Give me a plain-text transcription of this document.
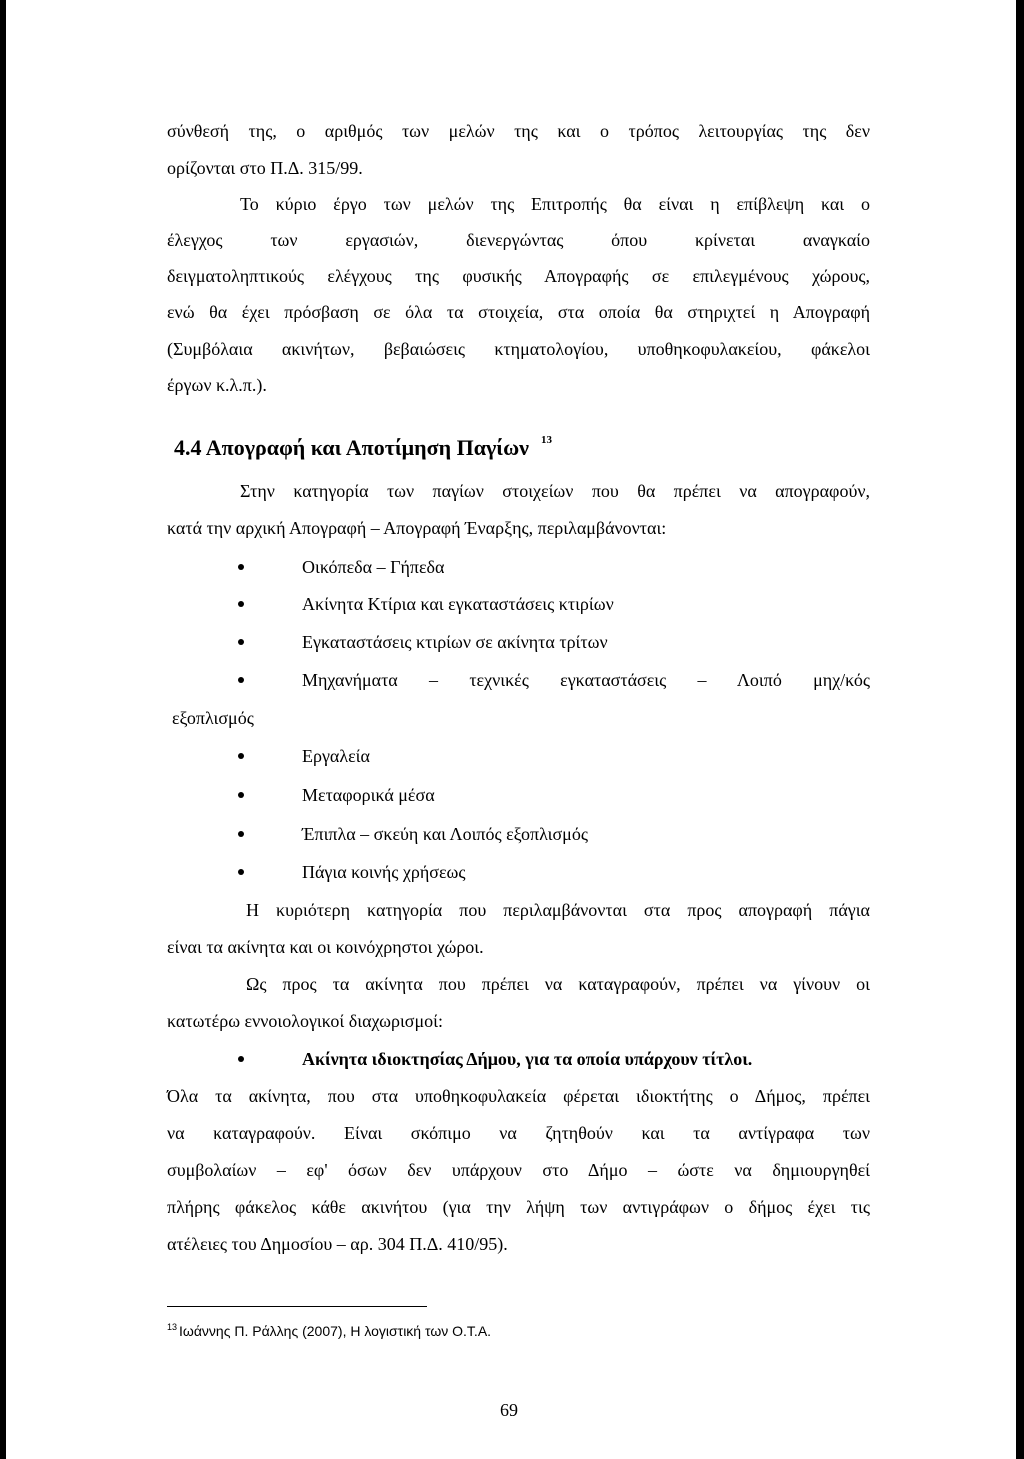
σύνθεσή της, ο αριθμός των μελών της και ο τρόπος λειτουργίας της δεν
ορίζονται στο Π.Δ. 315/99.
Το κύριο έργο των μελών της Επιτροπής θα είναι η επίβλεψη και ο
έλεγχος των εργασιών, διενεργώντας όπου κρίνεται αναγκαίο
δειγματοληπτικούς ελέγχους της φυσικής Απογραφής σε επιλεγμένους χώρους,
ενώ θα έχει πρόσβαση σε όλα τα στοιχεία, στα οποία θα στηριχτεί η Απογραφή
(Συμβόλαια ακινήτων, βεβαιώσεις κτηματολογίου, υποθηκοφυλακείου, φάκελοι
έργων κ.λ.π.).
4.4 Απογραφή και Αποτίμηση Παγίων $^{13}$
Στην κατηγορία των παγίων στοιχείων που θα πρέπει να απογραφούν,
κατά την αρχική Απογραφή – Απογραφή Έναρξης, περιλαμβάνονται:
Οικόπεδα – Γήπεδα
Ακίνητα Κτίρια και εγκαταστάσεις κτιρίων
Εγκαταστάσεις κτιρίων σε ακίνητα τρίτων
Μηχανήματα – τεχνικές εγκαταστάσεις – Λοιπό μηχ/κός
εξοπλισμός
Εργαλεία
Μεταφορικά μέσα
Έπιπλα – σκεύη και Λοιπός εξοπλισμός
Πάγια κοινής χρήσεως
Η κυριότερη κατηγορία που περιλαμβάνονται στα προς απογραφή πάγια
είναι τα ακίνητα και οι κοινόχρηστοι χώροι.
Ως προς τα ακίνητα που πρέπει να καταγραφούν, πρέπει να γίνουν οι
κατωτέρω εννοιολογικοί διαχωρισμοί:
Ακίνητα ιδιοκτησίας Δήμου, για τα οποία υπάρχουν τίτλοι.
Όλα τα ακίνητα, που στα υποθηκοφυλακεία φέρεται ιδιοκτήτης ο Δήμος, πρέπει
να καταγραφούν. Είναι σκόπιμο να ζητηθούν και τα αντίγραφα των
συμβολαίων – εφ' όσων δεν υπάρχουν στο Δήμο – ώστε να δημιουργηθεί
πλήρης φάκελος κάθε ακινήτου (για την λήψη των αντιγράφων ο δήμος έχει τις
ατέλειες του Δημοσίου – αρ. 304 Π.Δ. 410/95).
$^{13}$ Ιωάννης Π. Ράλλης (2007), Η λογιστική των Ο.Τ.Α.
69
